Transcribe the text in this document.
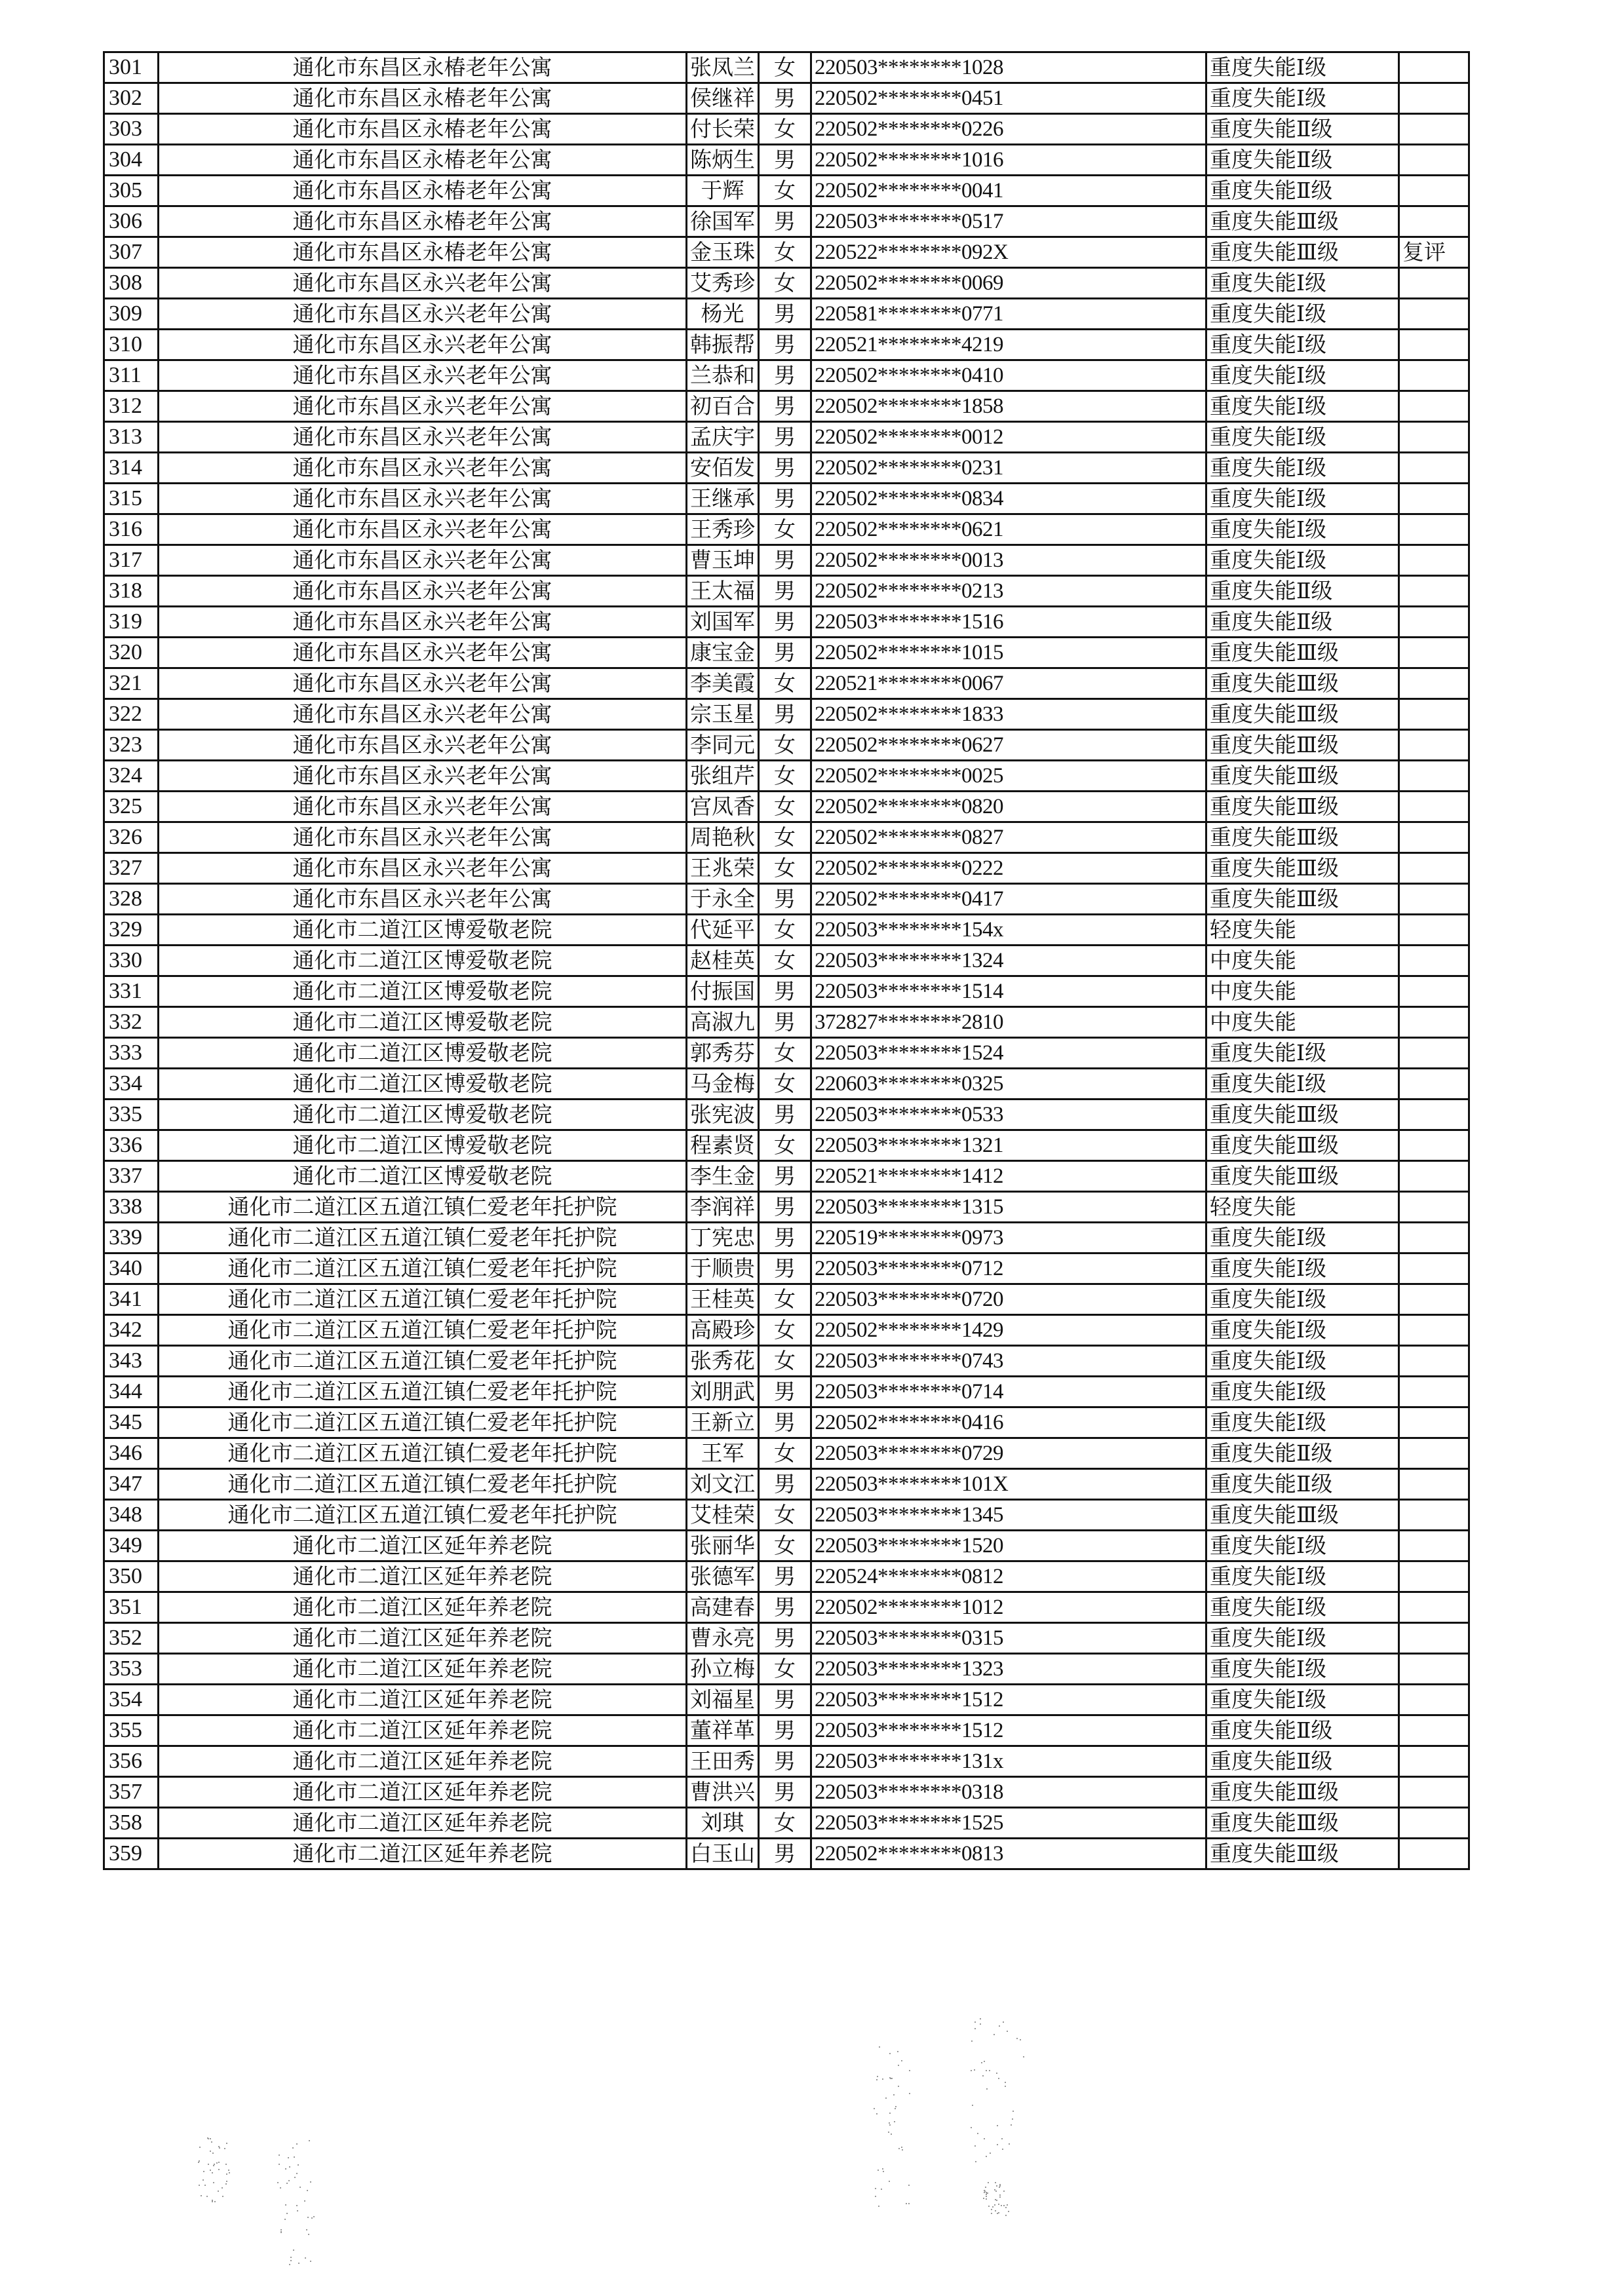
301	通化市东昌区永椿老年公寓	张凤兰	女	220503********1028	重度失能Ⅰ级	
302	通化市东昌区永椿老年公寓	侯继祥	男	220502********0451	重度失能Ⅰ级	
303	通化市东昌区永椿老年公寓	付长荣	女	220502********0226	重度失能Ⅱ级	
304	通化市东昌区永椿老年公寓	陈炳生	男	220502********1016	重度失能Ⅱ级	
305	通化市东昌区永椿老年公寓	于辉	女	220502********0041	重度失能Ⅱ级	
306	通化市东昌区永椿老年公寓	徐国军	男	220503********0517	重度失能Ⅲ级	
307	通化市东昌区永椿老年公寓	金玉珠	女	220522********092X	重度失能Ⅲ级	复评
308	通化市东昌区永兴老年公寓	艾秀珍	女	220502********0069	重度失能Ⅰ级	
309	通化市东昌区永兴老年公寓	杨光	男	220581********0771	重度失能Ⅰ级	
310	通化市东昌区永兴老年公寓	韩振帮	男	220521********4219	重度失能Ⅰ级	
311	通化市东昌区永兴老年公寓	兰恭和	男	220502********0410	重度失能Ⅰ级	
312	通化市东昌区永兴老年公寓	初百合	男	220502********1858	重度失能Ⅰ级	
313	通化市东昌区永兴老年公寓	孟庆宇	男	220502********0012	重度失能Ⅰ级	
314	通化市东昌区永兴老年公寓	安佰发	男	220502********0231	重度失能Ⅰ级	
315	通化市东昌区永兴老年公寓	王继承	男	220502********0834	重度失能Ⅰ级	
316	通化市东昌区永兴老年公寓	王秀珍	女	220502********0621	重度失能Ⅰ级	
317	通化市东昌区永兴老年公寓	曹玉坤	男	220502********0013	重度失能Ⅰ级	
318	通化市东昌区永兴老年公寓	王太福	男	220502********0213	重度失能Ⅱ级	
319	通化市东昌区永兴老年公寓	刘国军	男	220503********1516	重度失能Ⅱ级	
320	通化市东昌区永兴老年公寓	康宝金	男	220502********1015	重度失能Ⅲ级	
321	通化市东昌区永兴老年公寓	李美霞	女	220521********0067	重度失能Ⅲ级	
322	通化市东昌区永兴老年公寓	宗玉星	男	220502********1833	重度失能Ⅲ级	
323	通化市东昌区永兴老年公寓	李同元	女	220502********0627	重度失能Ⅲ级	
324	通化市东昌区永兴老年公寓	张组芹	女	220502********0025	重度失能Ⅲ级	
325	通化市东昌区永兴老年公寓	宫凤香	女	220502********0820	重度失能Ⅲ级	
326	通化市东昌区永兴老年公寓	周艳秋	女	220502********0827	重度失能Ⅲ级	
327	通化市东昌区永兴老年公寓	王兆荣	女	220502********0222	重度失能Ⅲ级	
328	通化市东昌区永兴老年公寓	于永全	男	220502********0417	重度失能Ⅲ级	
329	通化市二道江区博爱敬老院	代延平	女	220503********154x	轻度失能	
330	通化市二道江区博爱敬老院	赵桂英	女	220503********1324	中度失能	
331	通化市二道江区博爱敬老院	付振国	男	220503********1514	中度失能	
332	通化市二道江区博爱敬老院	高淑九	男	372827********2810	中度失能	
333	通化市二道江区博爱敬老院	郭秀芬	女	220503********1524	重度失能Ⅰ级	
334	通化市二道江区博爱敬老院	马金梅	女	220603********0325	重度失能Ⅰ级	
335	通化市二道江区博爱敬老院	张宪波	男	220503********0533	重度失能Ⅲ级	
336	通化市二道江区博爱敬老院	程素贤	女	220503********1321	重度失能Ⅲ级	
337	通化市二道江区博爱敬老院	李生金	男	220521********1412	重度失能Ⅲ级	
338	通化市二道江区五道江镇仁爱老年托护院	李润祥	男	220503********1315	轻度失能	
339	通化市二道江区五道江镇仁爱老年托护院	丁宪忠	男	220519********0973	重度失能Ⅰ级	
340	通化市二道江区五道江镇仁爱老年托护院	于顺贵	男	220503********0712	重度失能Ⅰ级	
341	通化市二道江区五道江镇仁爱老年托护院	王桂英	女	220503********0720	重度失能Ⅰ级	
342	通化市二道江区五道江镇仁爱老年托护院	高殿珍	女	220502********1429	重度失能Ⅰ级	
343	通化市二道江区五道江镇仁爱老年托护院	张秀花	女	220503********0743	重度失能Ⅰ级	
344	通化市二道江区五道江镇仁爱老年托护院	刘朋武	男	220503********0714	重度失能Ⅰ级	
345	通化市二道江区五道江镇仁爱老年托护院	王新立	男	220502********0416	重度失能Ⅰ级	
346	通化市二道江区五道江镇仁爱老年托护院	王军	女	220503********0729	重度失能Ⅱ级	
347	通化市二道江区五道江镇仁爱老年托护院	刘文江	男	220503********101X	重度失能Ⅱ级	
348	通化市二道江区五道江镇仁爱老年托护院	艾桂荣	女	220503********1345	重度失能Ⅲ级	
349	通化市二道江区延年养老院	张丽华	女	220503********1520	重度失能Ⅰ级	
350	通化市二道江区延年养老院	张德军	男	220524********0812	重度失能Ⅰ级	
351	通化市二道江区延年养老院	高建春	男	220502********1012	重度失能Ⅰ级	
352	通化市二道江区延年养老院	曹永亮	男	220503********0315	重度失能Ⅰ级	
353	通化市二道江区延年养老院	孙立梅	女	220503********1323	重度失能Ⅰ级	
354	通化市二道江区延年养老院	刘福星	男	220503********1512	重度失能Ⅰ级	
355	通化市二道江区延年养老院	董祥革	男	220503********1512	重度失能Ⅱ级	
356	通化市二道江区延年养老院	王田秀	男	220503********131x	重度失能Ⅱ级	
357	通化市二道江区延年养老院	曹洪兴	男	220503********0318	重度失能Ⅲ级	
358	通化市二道江区延年养老院	刘琪	女	220503********1525	重度失能Ⅲ级	
359	通化市二道江区延年养老院	白玉山	男	220502********0813	重度失能Ⅲ级	
